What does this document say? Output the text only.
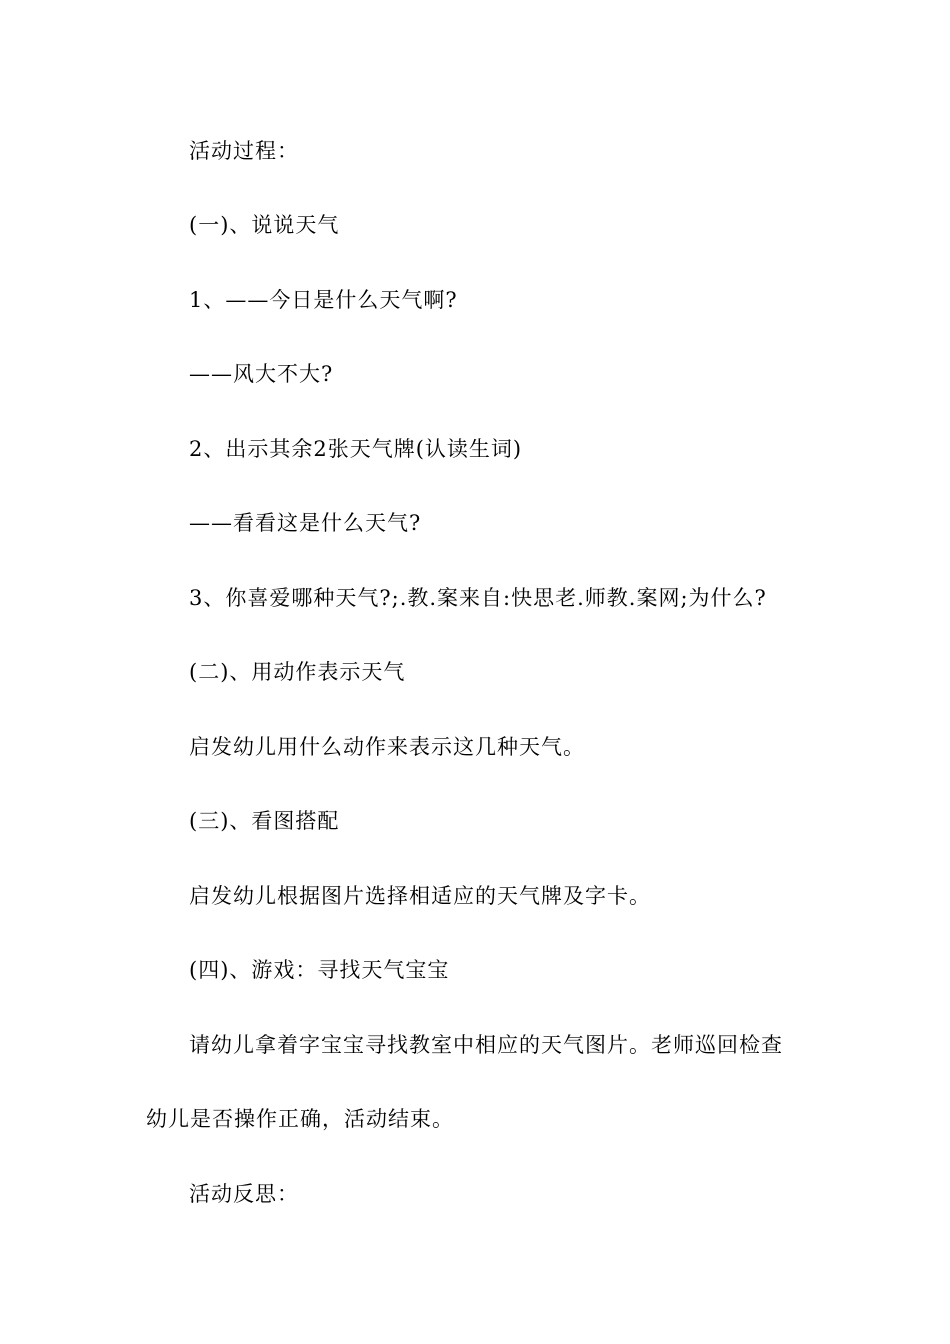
活动过程：
(一)、说说天气
1、——今日是什么天气啊?
——风大不大?
2、出示其余2张天气牌(认读生词)
——看看这是什么天气?
3、你喜爱哪种天气?;.教.案来自:快思老.师教.案网;为什么?
(二)、用动作表示天气
启发幼儿用什么动作来表示这几种天气。
(三)、看图搭配
启发幼儿根据图片选择相适应的天气牌及字卡。
(四)、游戏：寻找天气宝宝
请幼儿拿着字宝宝寻找教室中相应的天气图片。老师巡回检查
幼儿是否操作正确，活动结束。
活动反思：
